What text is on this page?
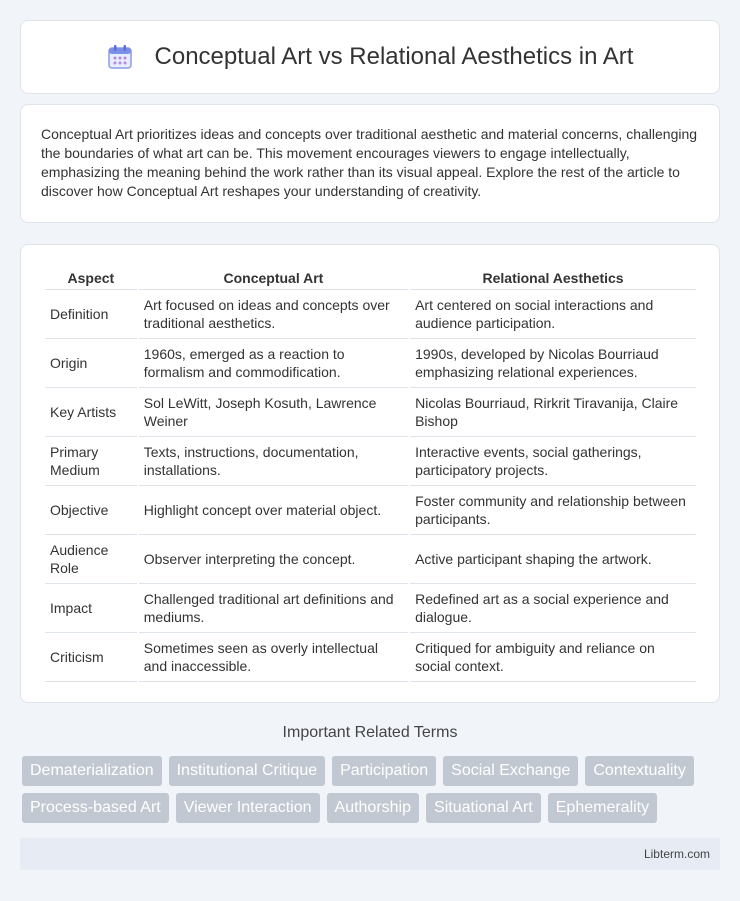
Conceptual Art vs Relational Aesthetics in Art

Conceptual Art prioritizes ideas and concepts over traditional aesthetic and material concerns, challenging the boundaries of what art can be. This movement encourages viewers to engage intellectually, emphasizing the meaning behind the work rather than its visual appeal. Explore the rest of the article to discover how Conceptual Art reshapes your understanding of creativity.

Aspect	Conceptual Art	Relational Aesthetics
Definition	Art focused on ideas and concepts over traditional aesthetics.	Art centered on social interactions and audience participation.
Origin	1960s, emerged as a reaction to formalism and commodification.	1990s, developed by Nicolas Bourriaud emphasizing relational experiences.
Key Artists	Sol LeWitt, Joseph Kosuth, Lawrence Weiner	Nicolas Bourriaud, Rirkrit Tiravanija, Claire Bishop
Primary Medium	Texts, instructions, documentation, installations.	Interactive events, social gatherings, participatory projects.
Objective	Highlight concept over material object.	Foster community and relationship between participants.
Audience Role	Observer interpreting the concept.	Active participant shaping the artwork.
Impact	Challenged traditional art definitions and mediums.	Redefined art as a social experience and dialogue.
Criticism	Sometimes seen as overly intellectual and inaccessible.	Critiqued for ambiguity and reliance on social context.
Important Related Terms
Dematerialization	Institutional Critique	Participation	Social Exchange	Contextuality
Process-based Art	Viewer Interaction	Authorship	Situational Art	Ephemerality
Libterm.com
